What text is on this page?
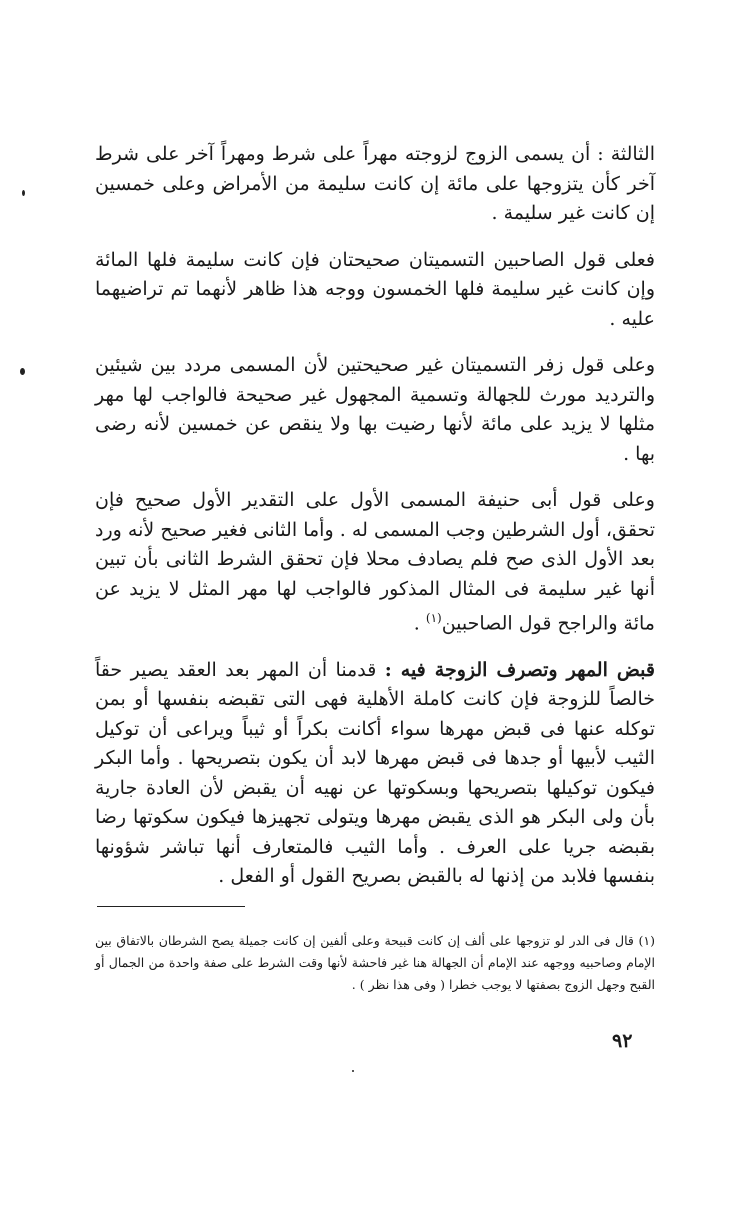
الثالثة : أن يسمى الزوج لزوجته مهراً على شرط ومهراً آخر على شرط آخر كأن يتزوجها على مائة إن كانت سليمة من الأمراض وعلى خمسين إن كانت غير سليمة .

فعلى قول الصاحبين التسميتان صحيحتان فإن كانت سليمة فلها المائة وإن كانت غير سليمة فلها الخمسون ووجه هذا ظاهر لأنهما تم تراضيهما عليه .

وعلى قول زفر التسميتان غير صحيحتين لأن المسمى مردد بين شيئين والترديد مورث للجهالة وتسمية المجهول غير صحيحة فالواجب لها مهر مثلها لا يزيد على مائة لأنها رضيت بها ولا ينقص عن خمسين لأنه رضى بها .

وعلى قول أبى حنيفة المسمى الأول على التقدير الأول صحيح فإن تحقق، أول الشرطين وجب المسمى له . وأما الثانى فغير صحيح لأنه ورد بعد الأول الذى صح فلم يصادف محلا فإن تحقق الشرط الثانى بأن تبين أنها غير سليمة فى المثال المذكور فالواجب لها مهر المثل لا يزيد عن مائة والراجح قول الصاحبين$^{(١)}$ .

قبض المهر وتصرف الزوجة فيه : قدمنا أن المهر بعد العقد يصير حقاً خالصاً للزوجة فإن كانت كاملة الأهلية فهى التى تقبضه بنفسها أو بمن توكله عنها فى قبض مهرها سواء أكانت بكراً أو ثيباً ويراعى أن توكيل الثيب لأبيها أو جدها فى قبض مهرها لابد أن يكون بتصريحها . وأما البكر فيكون توكيلها بتصريحها وبسكوتها عن نهيه أن يقبض لأن العادة جارية بأن ولى البكر هو الذى يقبض مهرها ويتولى تجهيزها فيكون سكوتها رضا بقبضه جريا على العرف . وأما الثيب فالمتعارف أنها تباشر شؤونها بنفسها فلابد من إذنها له بالقبض بصريح القول أو الفعل .

(١) قال فى الدر لو تزوجها على ألف إن كانت قبيحة وعلى ألفين إن كانت جميلة يصح الشرطان بالاتفاق بين الإمام وصاحبيه ووجهه عند الإمام أن الجهالة هنا غير فاحشة لأنها وقت الشرط على صفة واحدة من الجمال أو القبح وجهل الزوج بصفتها لا يوجب خطرا ( وفى هذا نظر ) .
٩٢
